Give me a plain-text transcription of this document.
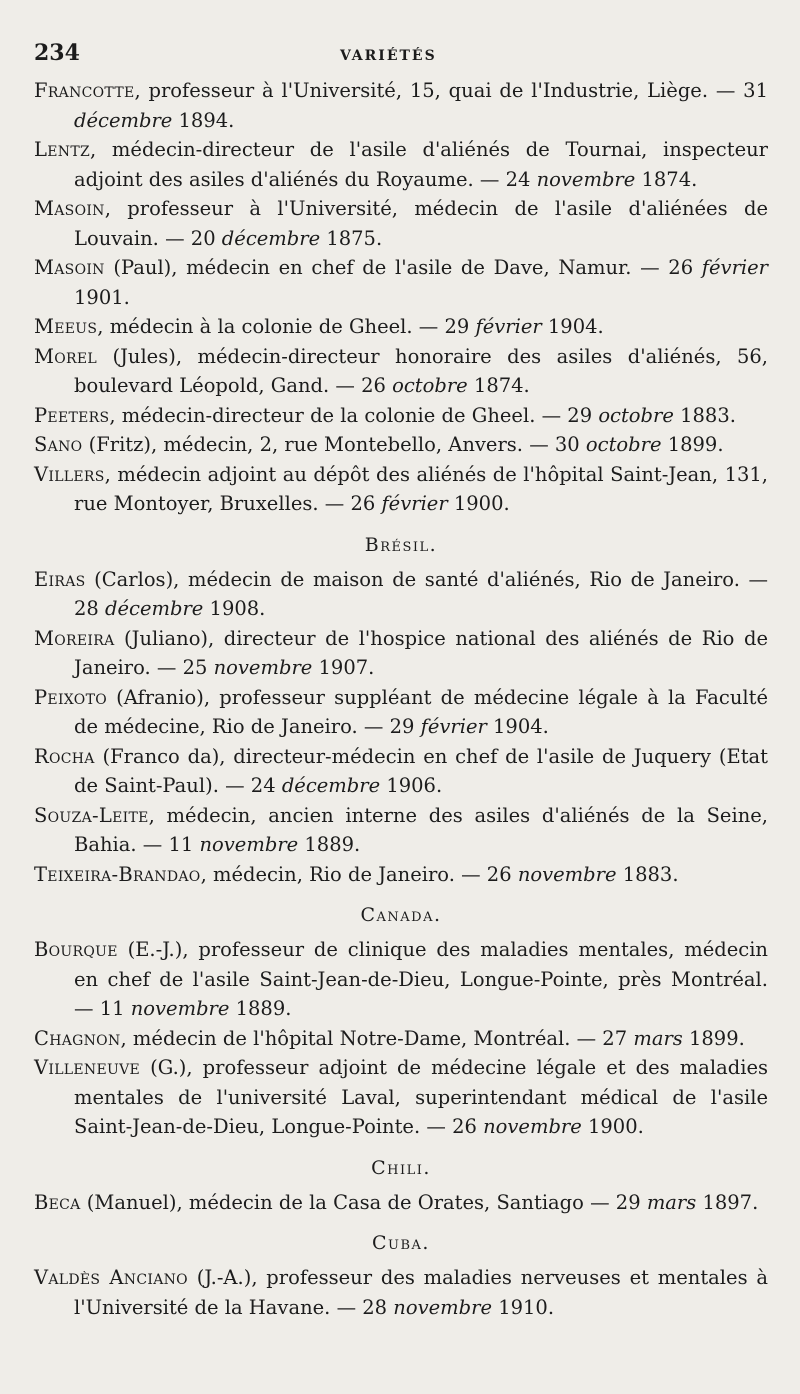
234	VARIÉTÉS

Francotte, professeur à l'Université, 15, quai de l'Industrie, Liège. — 31 décembre 1894.

Lentz, médecin-directeur de l'asile d'aliénés de Tournai, inspecteur adjoint des asiles d'aliénés du Royaume. — 24 novembre 1874.

Masoin, professeur à l'Université, médecin de l'asile d'aliénées de Louvain. — 20 décembre 1875.

Masoin (Paul), médecin en chef de l'asile de Dave, Namur. — 26 février 1901.

Meeus, médecin à la colonie de Gheel. — 29 février 1904.

Morel (Jules), médecin-directeur honoraire des asiles d'aliénés, 56, boulevard Léopold, Gand. — 26 octobre 1874.

Peeters, médecin-directeur de la colonie de Gheel. — 29 octobre 1883.

Sano (Fritz), médecin, 2, rue Montebello, Anvers. — 30 octobre 1899.

Villers, médecin adjoint au dépôt des aliénés de l'hôpital Saint-Jean, 131, rue Montoyer, Bruxelles. — 26 février 1900.

Brésil.

Eiras (Carlos), médecin de maison de santé d'aliénés, Rio de Janeiro. — 28 décembre 1908.

Moreira (Juliano), directeur de l'hospice national des aliénés de Rio de Janeiro. — 25 novembre 1907.

Peixoto (Afranio), professeur suppléant de médecine légale à la Faculté de médecine, Rio de Janeiro. — 29 février 1904.

Rocha (Franco da), directeur-médecin en chef de l'asile de Juquery (Etat de Saint-Paul). — 24 décembre 1906.

Souza-Leite, médecin, ancien interne des asiles d'aliénés de la Seine, Bahia. — 11 novembre 1889.

Teixeira-Brandao, médecin, Rio de Janeiro. — 26 novembre 1883.

Canada.

Bourque (E.-J.), professeur de clinique des maladies mentales, médecin en chef de l'asile Saint-Jean-de-Dieu, Longue-Pointe, près Montréal. — 11 novembre 1889.

Chagnon, médecin de l'hôpital Notre-Dame, Montréal. — 27 mars 1899.

Villeneuve (G.), professeur adjoint de médecine légale et des maladies mentales de l'université Laval, superintendant médical de l'asile Saint-Jean-de-Dieu, Longue-Pointe. — 26 novembre 1900.

Chili.

Beca (Manuel), médecin de la Casa de Orates, Santiago — 29 mars 1897.

Cuba.

Valdès Anciano (J.-A.), professeur des maladies nerveuses et mentales à l'Université de la Havane. — 28 novembre 1910.
